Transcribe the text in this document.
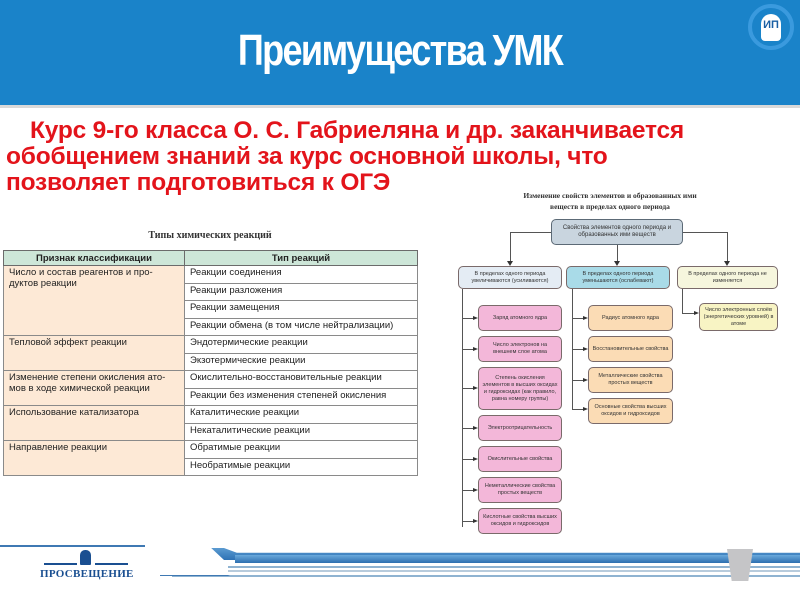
Преимущества УМК
ИП
Курс 9-го класса О. С. Габриеляна и др. заканчивается
обобщением знаний за курс основной школы, что
позволяет подготовиться к ОГЭ
Типы химических реакций
Признак классификации	Тип реакций
Число и состав реагентов и про-
дуктов реакции	Реакции соединения
	Реакции разложения
	Реакции замещения
	Реакции обмена (в том числе нейтрализации)
Тепловой эффект реакции	Эндотермические реакции
	Экзотермические реакции
Изменение степени окисления ато-
мов в ходе химической реакции	Окислительно-восстановительные реакции
	Реакции без изменения степеней окисления
Использование катализатора	Каталитические реакции
	Некаталитические реакции
Направление реакции	Обратимые реакции
	Необратимые реакции
Изменение свойств элементов и образованных ими
веществ в пределах одного периода
Свойства элементов одного периода и образованных ими веществ
В пределах одного периода увеличиваются (усиливаются)
В пределах одного периода уменьшаются (ослабевают)
В пределах одного периода не изменяется
Заряд атомного ядра
Число электронов на внешнем слое атома
Степень окисления элементов в высших оксидах и гидроксидах (как правило, равна номеру группы)
Электроотрицательность
Окислительные свойства
Неметаллические свойства простых веществ
Кислотные свойства высших оксидов и гидроксидов
Радиус атомного ядра
Восстановительные свойства
Металлические свойства простых веществ
Основные свойства высших оксидов и гидроксидов
Число электронных слоёв (энергетических уровней) в атоме
ПРОСВЕЩЕНИЕ
